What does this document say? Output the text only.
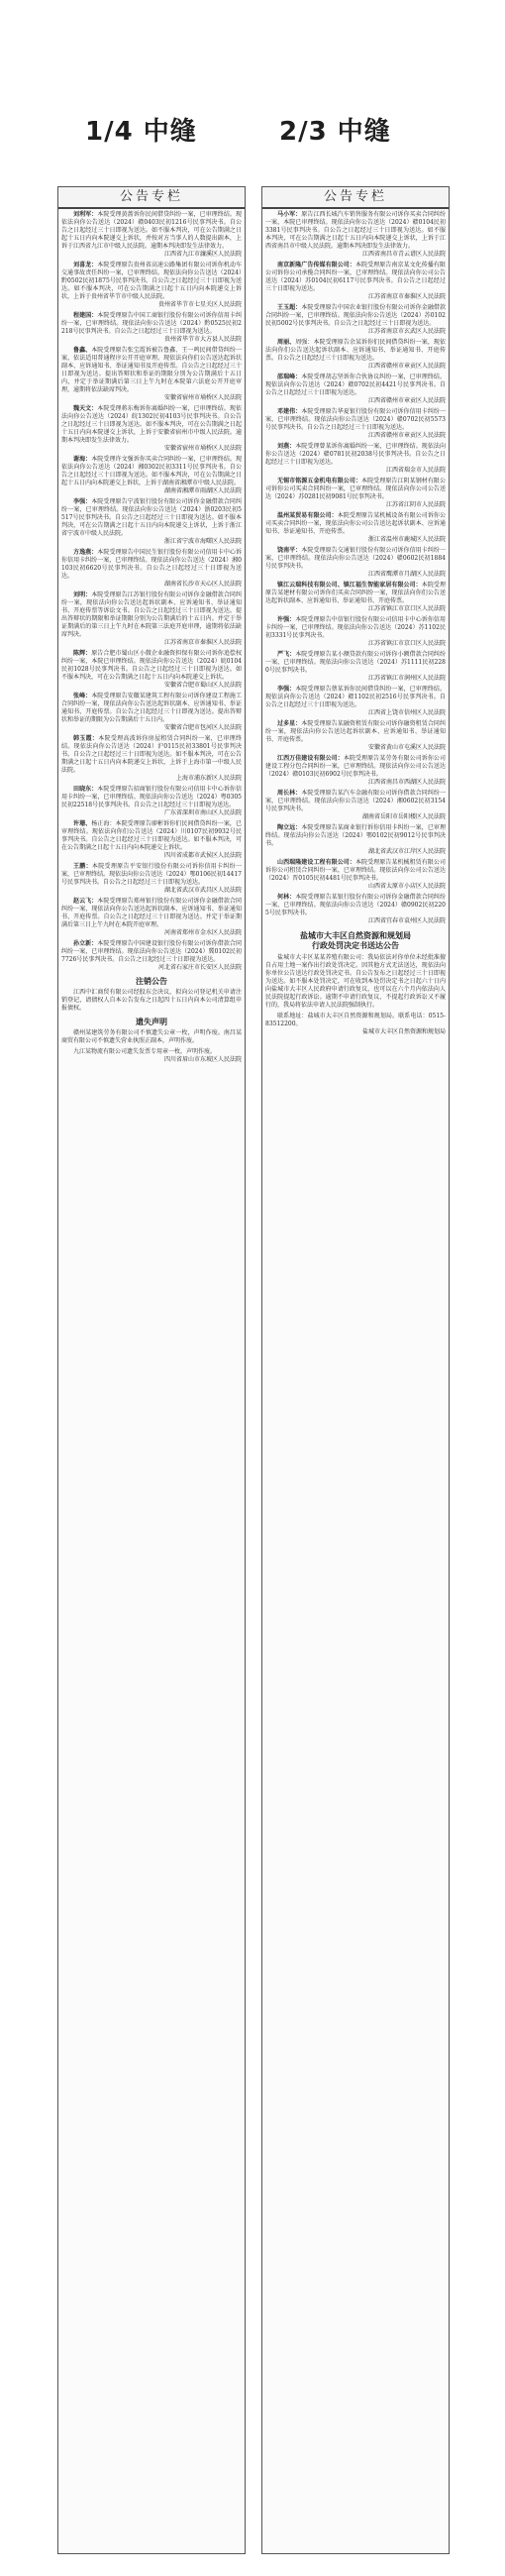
1/4 中缝	2/3 中缝
公告专栏

刘利军：本院受理黄蔷诉你民间借贷纠纷一案，已审理终结。现依法向你公告送达（2024）赣0403民初1216号民事判决书。自公告之日起经过三十日即视为送达。如不服本判决，可在公告期满之日起十五日内向本院递交上诉状，并按对方当事人的人数提出副本，上诉于江西省九江市中级人民法院。逾期本判决即发生法律效力。

江西省九江市濂溪区人民法院

刘喜龙：本院受理原告贵州省高速公路集团有限公司诉你机动车交通事故责任纠纷一案，已审理终结。现依法向你公告送达（2024）黔0502民初1875号民事判决书。自公告之日起经过三十日即视为送达。如不服本判决，可在公告期满之日起十五日内向本院递交上诉状，上诉于贵州省毕节市中级人民法院。

贵州省毕节市七星关区人民法院

程建国：本院受理原告中国工商银行股份有限公司诉你信用卡纠纷一案，已审理终结。现依法向你公告送达（2024）黔0525民初2218号民事判决书。自公告之日起经过三十日即视为送达。

贵州省毕节市大方县人民法院

鲁鑫、本院受理原告张宝霞诉被告鲁鑫、王一鸣民间借贷纠纷一案，依法适用普通程序公开开庭审理。现依法向你们公告送达起诉状副本、应诉通知书、举证通知书及开庭传票。自公告之日起经过三十日即视为送达。提出答辩状和举证的期限分别为公告期满后十五日内，并定于举证期满后第三日上午九时在本院第六法庭公开开庭审理，逾期将依法缺席判决。

安徽省宿州市埇桥区人民法院

魏天文：本院受理蒋东梅诉你离婚纠纷一案，已审理终结。现依法向你公告送达（2024）皖1302民初4103号民事判决书。自公告之日起经过三十日即视为送达。如不服本判决，可在公告期满之日起十五日内向本院递交上诉状，上诉于安徽省宿州市中级人民法院。逾期本判决即发生法律效力。

安徽省宿州市埇桥区人民法院

谢海：本院受理许文强诉你买卖合同纠纷一案，已审理终结。现依法向你公告送达（2024）湘0302民初3311号民事判决书。自公告之日起经过三十日即视为送达。如不服本判决，可在公告期满之日起十五日内向本院递交上诉状，上诉于湖南省湘潭市中级人民法院。

湖南省湘潭市雨湖区人民法院

李强：本院受理原告宁波银行股份有限公司诉你金融借款合同纠纷一案，已审理终结。现依法向你公告送达（2024）浙0203民初5517号民事判决书。自公告之日起经过三十日即视为送达。如不服本判决，可在公告期满之日起十五日内向本院递交上诉状，上诉于浙江省宁波市中级人民法院。

浙江省宁波市海曙区人民法院

方逸燕：本院受理原告中国民生银行股份有限公司信用卡中心诉你信用卡纠纷一案，已审理终结。现依法向你公告送达（2024）湘0103民初6620号民事判决书。自公告之日起经过三十日即视为送达。

湖南省长沙市天心区人民法院

刘明：本院受理原告江苏银行股份有限公司诉你金融借款合同纠纷一案，现依法向你公告送达起诉状副本、应诉通知书、举证通知书、开庭传票等诉讼文书。自公告之日起经过三十日即视为送达。提出答辩状的期限和举证期限分别为公告期满后的十五日内。并定于举证期满后的第三日上午九时在本院第三法庭开庭审理，逾期将依法缺席判决。

江苏省南京市秦淮区人民法院

陈辉：原告合肥市蜀山区小微企业融资担保有限公司诉你追偿权纠纷一案，本院已审理终结。现依法向你公告送达（2024）皖0104民初1028号民事判决书。自公告之日起经过三十日即视为送达。如不服本判决，可在公告期满之日起十五日内向本院递交上诉状。

安徽省合肥市蜀山区人民法院

张峰：本院受理原告安徽某建筑工程有限公司诉你建设工程施工合同纠纷一案，现依法向你公告送达起诉状副本、应诉通知书、举证通知书、开庭传票。自公告之日起经过三十日即视为送达。提出答辩状和举证的期限为公告期满后十五日内。

安徽省合肥市包河区人民法院

韩玉霞：本院受理高波诉你房屋租赁合同纠纷一案，已审理终结。现依法向你公告送达（2024）沪0115民初33801号民事判决书。自公告之日起经过三十日即视为送达。如不服本判决，可在公告期满之日起十五日内向本院递交上诉状，上诉于上海市第一中级人民法院。

上海市浦东新区人民法院

田晓东：本院受理原告招商银行股份有限公司信用卡中心诉你信用卡纠纷一案，已审理终结。现依法向你公告送达（2024）粤0305民初22518号民事判决书。自公告之日起经过三十日即视为送达。

广东省深圳市南山区人民法院

许珊、杨正海：本院受理原告廖彬诉你们民间借贷纠纷一案，已审理终结。现依法向你们公告送达（2024）川0107民初9932号民事判决书。自公告之日起经过三十日即视为送达。如不服本判决，可在公告期满之日起十五日内向本院递交上诉状。

四川省成都市武侯区人民法院

王鹏：本院受理原告平安银行股份有限公司诉你信用卡纠纷一案，已审理终结。现依法向你公告送达（2024）鄂0106民初14417号民事判决书。自公告之日起经过三十日即视为送达。

湖北省武汉市武昌区人民法院

赵云飞：本院受理原告郑州银行股份有限公司诉你金融借款合同纠纷一案，现依法向你公告送达起诉状副本、应诉通知书、举证通知书、开庭传票。自公告之日起经过三十日即视为送达。并定于举证期满后第三日上午九时在本院开庭审理。

河南省郑州市金水区人民法院

孙立新：本院受理原告中国建设银行股份有限公司诉你借款合同纠纷一案，已审理终结。现依法向你公告送达（2024）冀0102民初7726号民事判决书。自公告之日起经过三十日即视为送达。

河北省石家庄市长安区人民法院
注销公告

江西中汇商贸有限公司经股东会决议，拟向公司登记机关申请注销登记，请债权人自本公告发布之日起四十五日内向本公司清算组申报债权。

遗失声明

赣州某建筑劳务有限公司不慎遗失公章一枚，声明作废。南昌某商贸有限公司不慎遗失营业执照正副本，声明作废。

九江某物流有限公司遗失发票专用章一枚，声明作废。

四川省眉山市东坡区人民法院
公告专栏

马小军：原告江西长城汽车销售服务有限公司诉你买卖合同纠纷一案，本院已审理终结。现依法向你公告送达（2024）赣0104民初3381号民事判决书。自公告之日起经过三十日即视为送达。如不服本判决，可在公告期满之日起十五日内向本院递交上诉状，上诉于江西省南昌市中级人民法院。逾期本判决即发生法律效力。

江西省南昌市青云谱区人民法院

南京新隆广告传媒有限公司：本院受理原告南京某文化传播有限公司诉你公司承揽合同纠纷一案，已审理终结。现依法向你公司公告送达（2024）苏0104民初6117号民事判决书。自公告之日起经过三十日即视为送达。

江苏省南京市秦淮区人民法院

王玉超：本院受理原告中国农业银行股份有限公司诉你金融借款合同纠纷一案，已审理终结。现依法向你公告送达（2024）苏0102民初5002号民事判决书。自公告之日起经过三十日即视为送达。

江苏省南京市玄武区人民法院

周丽、周强：本院受理原告余某诉你们民间借贷纠纷一案，现依法向你们公告送达起诉状副本、应诉通知书、举证通知书、开庭传票。自公告之日起经过三十日即视为送达。

江西省赣州市章贡区人民法院

邵瑞峰：本院受理胡志坚诉你合伙协议纠纷一案，已审理终结。现依法向你公告送达（2024）赣0702民初4421号民事判决书。自公告之日起经过三十日即视为送达。

江西省赣州市章贡区人民法院

邓建伟：本院受理原告华夏银行股份有限公司诉你信用卡纠纷一案，已审理终结。现依法向你公告送达（2024）赣0702民初5573号民事判决书。自公告之日起经过三十日即视为送达。

江西省赣州市章贡区人民法院

刘燕：本院受理曾某诉你离婚纠纷一案，已审理终结。现依法向你公告送达（2024）赣0781民初2038号民事判决书。自公告之日起经过三十日即视为送达。

江西省瑞金市人民法院

无锡市铭源五金机电有限公司：本院受理原告江阴某钢材有限公司诉你公司买卖合同纠纷一案，已审理终结。现依法向你公司公告送达（2024）苏0281民初9081号民事判决书。

江苏省江阴市人民法院

温州某贸易有限公司：本院受理原告某机械设备有限公司诉你公司买卖合同纠纷一案，现依法向你公司公告送达起诉状副本、应诉通知书、举证通知书、开庭传票。

浙江省温州市鹿城区人民法院

饶南平：本院受理原告交通银行股份有限公司诉你信用卡纠纷一案，已审理终结。现依法向你公告送达（2024）赣0602民初1884号民事判决书。

江西省鹰潭市月湖区人民法院

镇江云瑞科技有限公司、镇江福生智能家居有限公司：本院受理原告某建材有限公司诉你们买卖合同纠纷一案，现依法向你们公告送达起诉状副本、应诉通知书、举证通知书、开庭传票。

江苏省镇江市京口区人民法院

许强：本院受理原告中信银行股份有限公司信用卡中心诉你信用卡纠纷一案，已审理终结。现依法向你公告送达（2024）苏1102民初3331号民事判决书。

江苏省镇江市京口区人民法院

严飞：本院受理原告某小额贷款有限公司诉你小额借款合同纠纷一案，已审理终结。现依法向你公告送达（2024）苏1111民初2280号民事判决书。

江苏省镇江市润州区人民法院

李强：本院受理原告蔡某诉你民间借贷纠纷一案，已审理终结。现依法向你公告送达（2024）赣1102民初2516号民事判决书。自公告之日起经过三十日即视为送达。

江西省上饶市信州区人民法院

过多星：本院受理原告某融资租赁有限公司诉你融资租赁合同纠纷一案，现依法向你公告送达起诉状副本、应诉通知书、举证通知书、开庭传票。

安徽省黄山市屯溪区人民法院

江西万佳建设有限公司：本院受理原告某劳务有限公司诉你公司建设工程分包合同纠纷一案，已审理终结。现依法向你公司公告送达（2024）赣0103民初6902号民事判决书。

江西省南昌市西湖区人民法院

周长林：本院受理原告某汽车金融有限公司诉你借款合同纠纷一案，已审理终结。现依法向你公告送达（2024）湘0602民初3154号民事判决书。

湖南省岳阳市岳阳楼区人民法院

陶立远：本院受理原告某商业银行诉你信用卡纠纷一案，已审理终结。现依法向你公告送达（2024）鄂0102民初9012号民事判决书。

湖北省武汉市江岸区人民法院

山西瑞隆建设工程有限公司：本院受理原告某机械租赁有限公司诉你公司租赁合同纠纷一案，已审理终结。现依法向你公司公告送达（2024）晋0105民初4481号民事判决书。

山西省太原市小店区人民法院

何林：本院受理原告某银行股份有限公司诉你金融借款合同纠纷一案，已审理终结。现依法向你公告送达（2024）赣0902民初2205号民事判决书。

江西省宜春市袁州区人民法院
盐城市大丰区自然资源和规划局
行政处罚决定书送达公告

盐城市大丰区某某养殖有限公司：我局依法对你单位未经批准擅自占用土地一案作出行政处罚决定。因其他方式无法送达，现依法向你单位公告送达行政处罚决定书。自公告发布之日起经过三十日即视为送达。如不服本处罚决定，可在收到本处罚决定书之日起六十日内向盐城市大丰区人民政府申请行政复议，也可以在六个月内依法向人民法院提起行政诉讼。逾期不申请行政复议、不提起行政诉讼又不履行的，我局将依法申请人民法院强制执行。

联系地址：盐城市大丰区自然资源和规划局。联系电话：0515-83512200。

盐城市大丰区自然资源和规划局
